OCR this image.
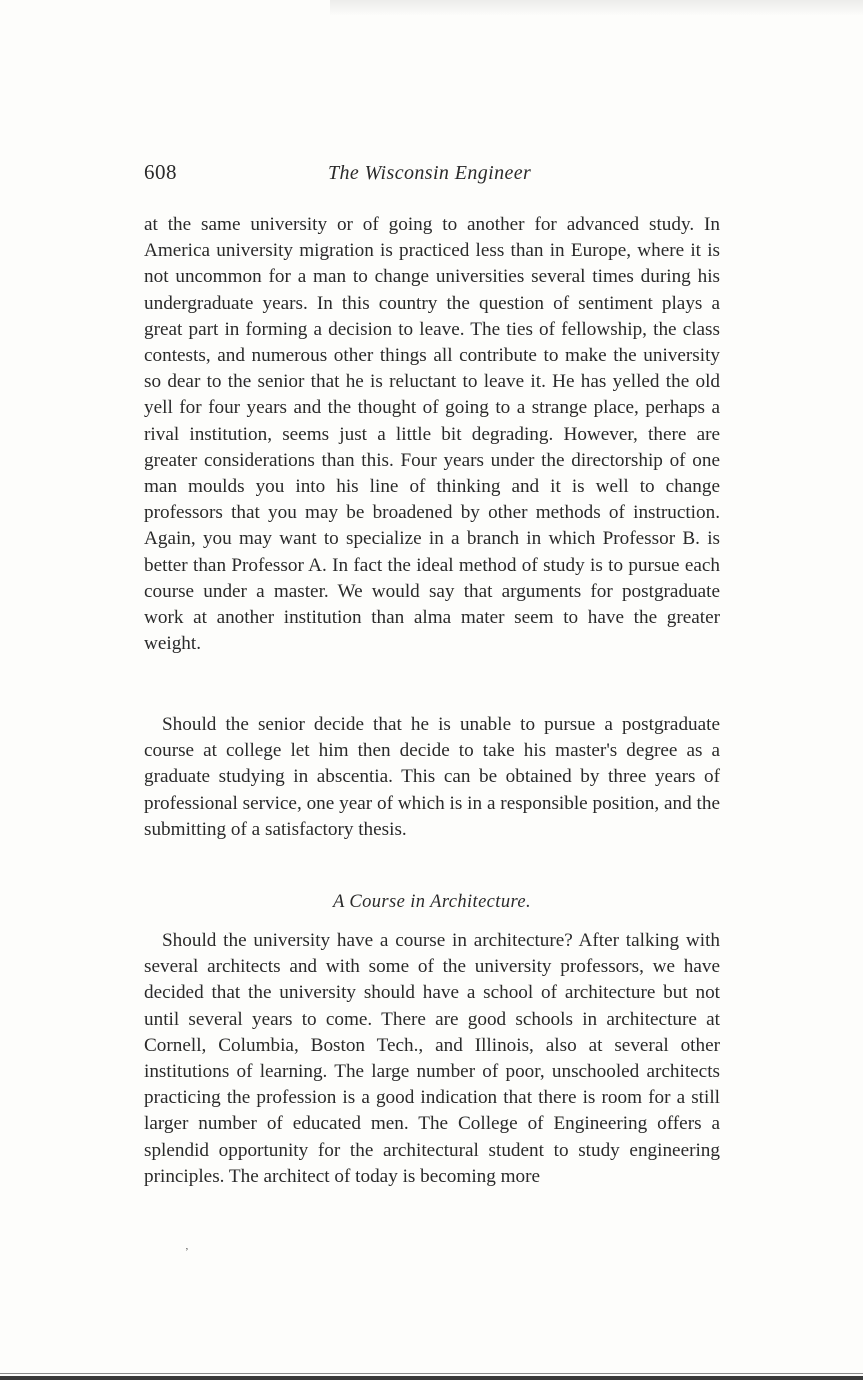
608	The Wisconsin Engineer

at the same university or of going to another for advanced study. In America university migration is practiced less than in Europe, where it is not uncommon for a man to change universities several times during his undergraduate years. In this country the question of sentiment plays a great part in forming a decision to leave. The ties of fellowship, the class contests, and numerous other things all contribute to make the university so dear to the senior that he is reluctant to leave it. He has yelled the old yell for four years and the thought of going to a strange place, perhaps a rival institution, seems just a little bit degrading. However, there are greater considerations than this. Four years under the directorship of one man moulds you into his line of thinking and it is well to change professors that you may be broadened by other methods of instruction. Again, you may want to specialize in a branch in which Professor B. is better than Professor A. In fact the ideal method of study is to pursue each course under a master. We would say that arguments for postgraduate work at another institution than alma mater seem to have the greater weight.

Should the senior decide that he is unable to pursue a postgraduate course at college let him then decide to take his master's degree as a graduate studying in abscentia. This can be obtained by three years of professional service, one year of which is in a responsible position, and the submitting of a satisfactory thesis.

A Course in Architecture.

Should the university have a course in architecture? After talking with several architects and with some of the university professors, we have decided that the university should have a school of architecture but not until several years to come. There are good schools in architecture at Cornell, Columbia, Boston Tech., and Illinois, also at several other institutions of learning. The large number of poor, unschooled architects practicing the profession is a good indication that there is room for a still larger number of educated men. The College of Engineering offers a splendid opportunity for the architectural student to study engineering principles. The architect of today is becoming more

ʼ
